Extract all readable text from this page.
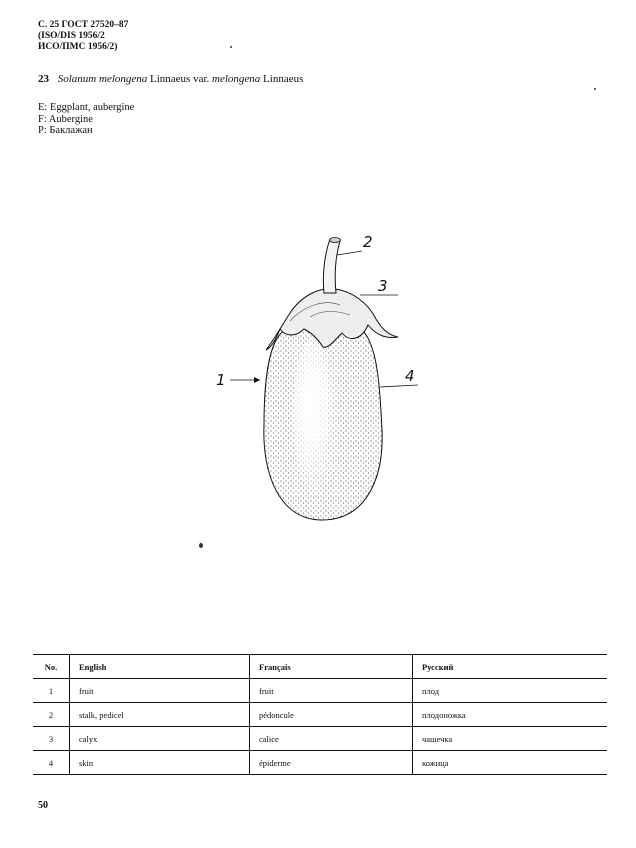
С. 25 ГОСТ 27520–87
(ISO/DIS 1956/2
ИСО/ПМС 1956/2)
23 Solanum melongena Linnaeus var. melongena Linnaeus
E: Eggplant, aubergine
F: Aubergine
P: Баклажан
1
2
3
4
No.	English	Français	Русский
1	fruit	fruit	плод
2	stalk, pedicel	pédoncule	плодоножка
3	calyx	calice	чашечка
4	skin	épiderme	кожица
50
